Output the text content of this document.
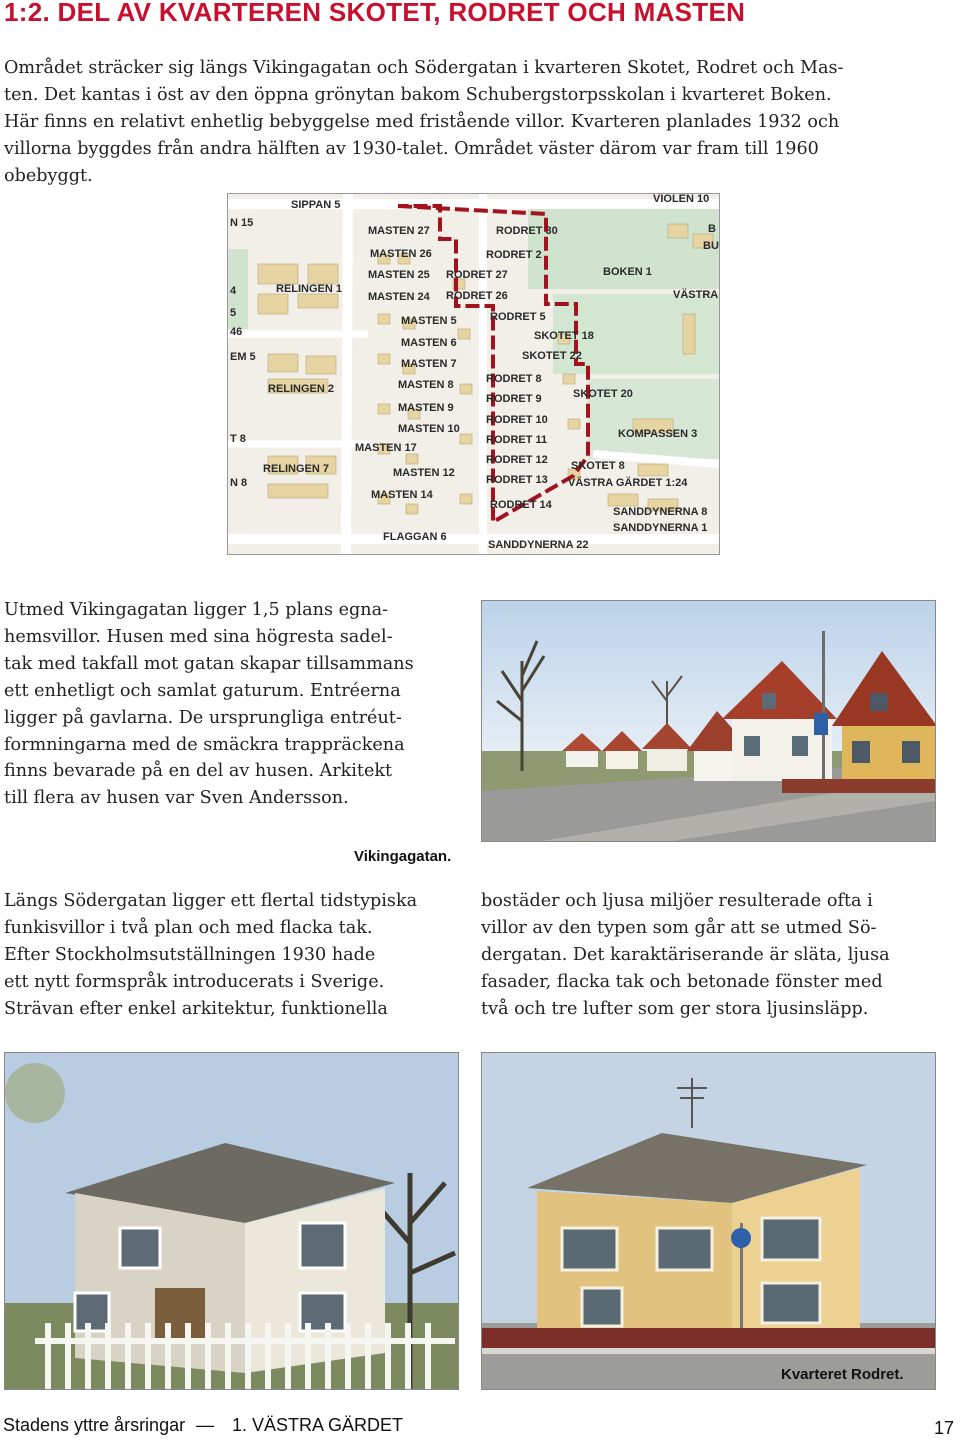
1:2. DEL AV KVARTEREN SKOTET, RODRET OCH MASTEN

Området sträcker sig längs Vikingagatan och Södergatan i kvarteren Skotet, Rodret och Mas-

ten. Det kantas i öst av den öppna grönytan bakom Schubergstorpsskolan i kvarteret Boken.

Här finns en relativt enhetlig bebyggelse med fristående villor. Kvarteren planlades 1932 och

villorna byggdes från andra hälften av 1930-talet. Området väster därom var fram till 1960

obebyggt.

SIPPAN 5	VIOLEN 10
N 15
MASTEN 27	RODRET 30	B
BU
MASTEN 26	RODRET 2
MASTEN 25 RODRET 27	BOKEN 1
RELINGEN 1
MASTEN 24 RODRET 26	VÄSTRA
MASTEN 5	RODRET 5
SKOTET 18
MASTEN 6
SKOTET 22
MASTEN 7
RODRET 8
RELINGEN 2	MASTEN 8
SKOTET 20
MASTEN 9
RODRET 9
RODRET 10
MASTEN 10	KOMPASSEN 3
MASTEN 17
RODRET 11
RODRET 12 SKOTET 8
RELINGEN 7	MASTEN 12
RODRET 13 VÄSTRA GÄRDET 1:24
MASTEN 14
RODRET 14
SANDDYNERNA 8
SANDDYNERNA 1
FLAGGAN 6
SANDDYNERNA 22
4
5
46
EM 5
T 8
N 8
Utmed Vikingagatan ligger 1,5 plans egna-
hemsvillor. Husen med sina högresta sadel-
tak med takfall mot gatan skapar tillsammans
ett enhetligt och samlat gaturum. Entréerna
ligger på gavlarna. De ursprungliga entréut-
formningarna med de smäckra trappräckena
finns bevarade på en del av husen. Arkitekt
till flera av husen var Sven Andersson.
Vikingagatan.
Längs Södergatan ligger ett flertal tidstypiska
funkisvillor i två plan och med flacka tak.
Efter Stockholmsutställningen 1930 hade
ett nytt formspråk introducerats i Sverige.
Strävan efter enkel arkitektur, funktionella
bostäder och ljusa miljöer resulterade ofta i
villor av den typen som går att se utmed Sö-
dergatan. Det karaktäriserande är släta, ljusa
fasader, flacka tak och betonade fönster med
två och tre lufter som ger stora ljusinsläpp.
Kvarteret Rodret.
Stadens yttre årsringar — 1. VÄSTRA GÄRDET	17
